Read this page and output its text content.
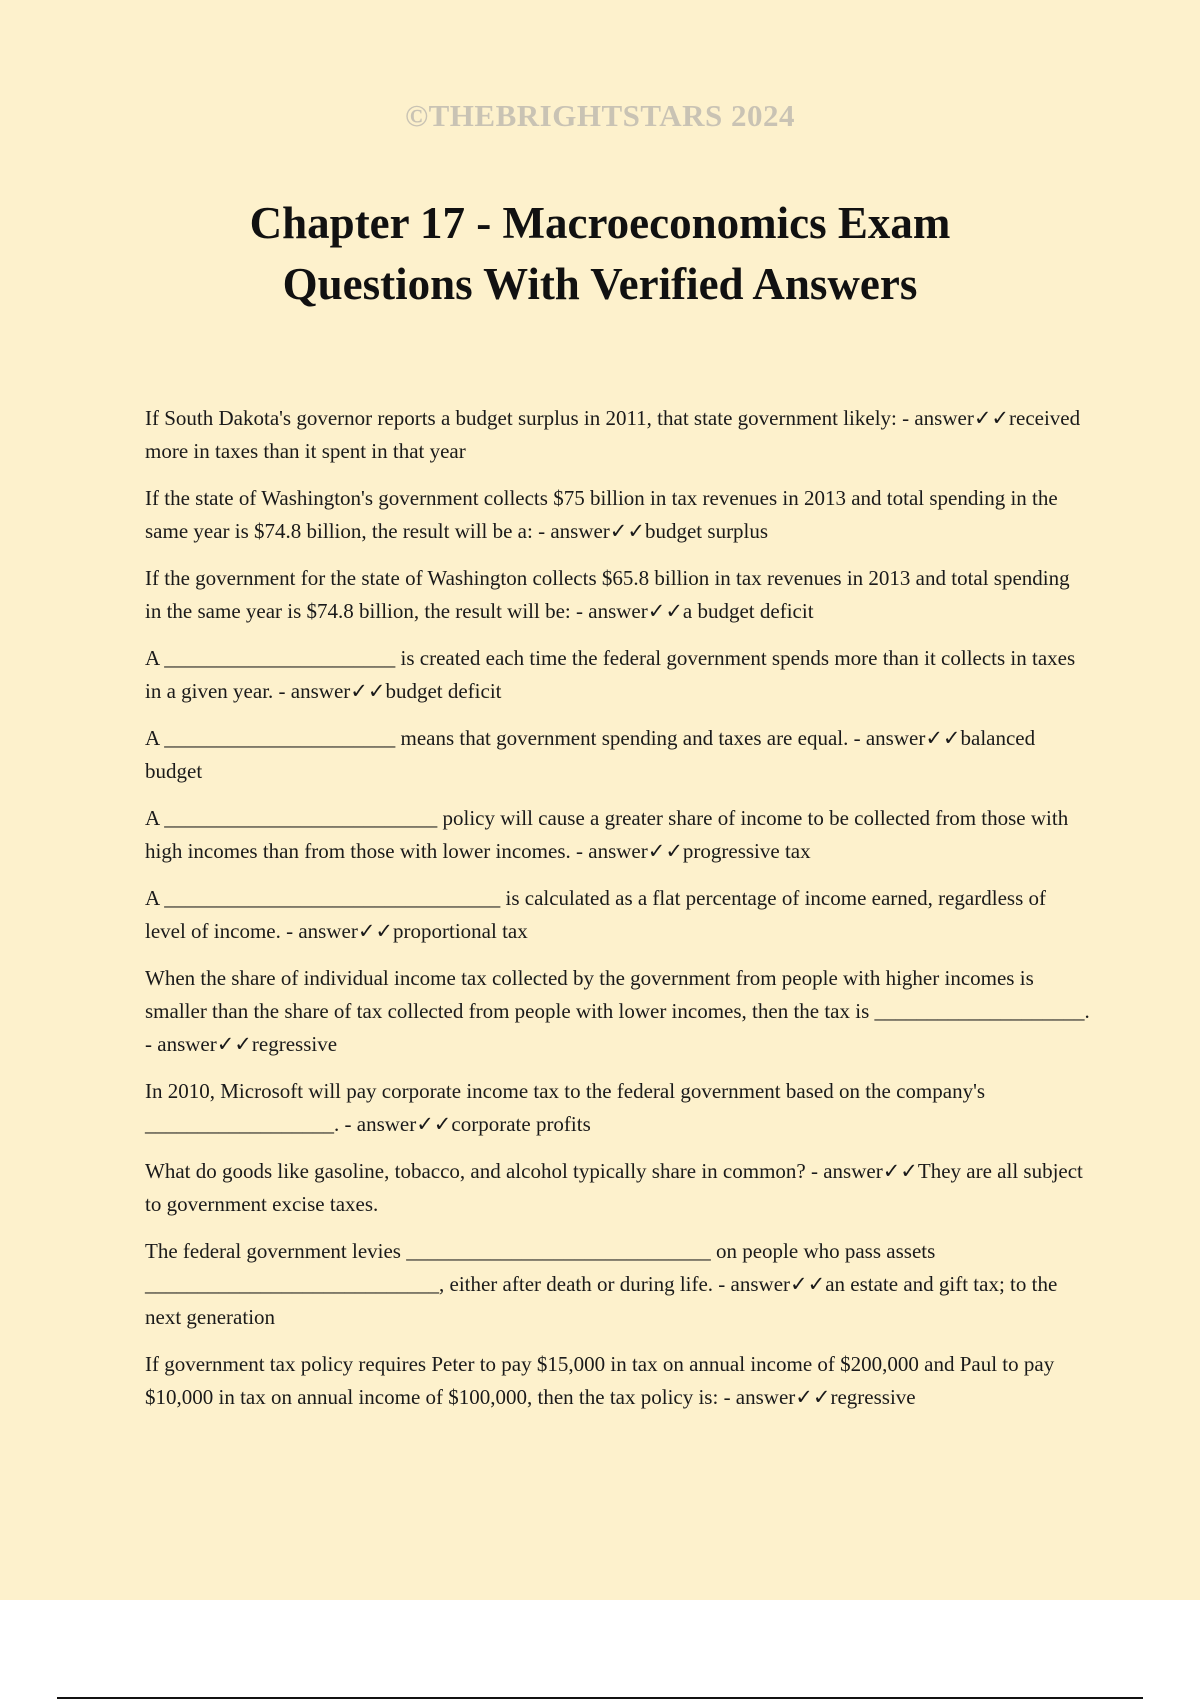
©THEBRIGHTSTARS 2024
Chapter 17 - Macroeconomics Exam Questions With Verified Answers

If South Dakota's governor reports a budget surplus in 2011, that state government likely: - answer✓✓received more in taxes than it spent in that year

If the state of Washington's government collects $75 billion in tax revenues in 2013 and total spending in the same year is $74.8 billion, the result will be a: - answer✓✓budget surplus

If the government for the state of Washington collects $65.8 billion in tax revenues in 2013 and total spending in the same year is $74.8 billion, the result will be: - answer✓✓a budget deficit

A ______________________ is created each time the federal government spends more than it collects in taxes in a given year. - answer✓✓budget deficit

A ______________________ means that government spending and taxes are equal. - answer✓✓balanced budget

A __________________________ policy will cause a greater share of income to be collected from those with high incomes than from those with lower incomes. - answer✓✓progressive tax

A ________________________________ is calculated as a flat percentage of income earned, regardless of level of income. - answer✓✓proportional tax

When the share of individual income tax collected by the government from people with higher incomes is smaller than the share of tax collected from people with lower incomes, then the tax is ____________________. - answer✓✓regressive

In 2010, Microsoft will pay corporate income tax to the federal government based on the company's __________________. - answer✓✓corporate profits

What do goods like gasoline, tobacco, and alcohol typically share in common? - answer✓✓They are all subject to government excise taxes.

The federal government levies _____________________________ on people who pass assets ____________________________, either after death or during life. - answer✓✓an estate and gift tax; to the next generation

If government tax policy requires Peter to pay $15,000 in tax on annual income of $200,000 and Paul to pay $10,000 in tax on annual income of $100,000, then the tax policy is: - answer✓✓regressive
